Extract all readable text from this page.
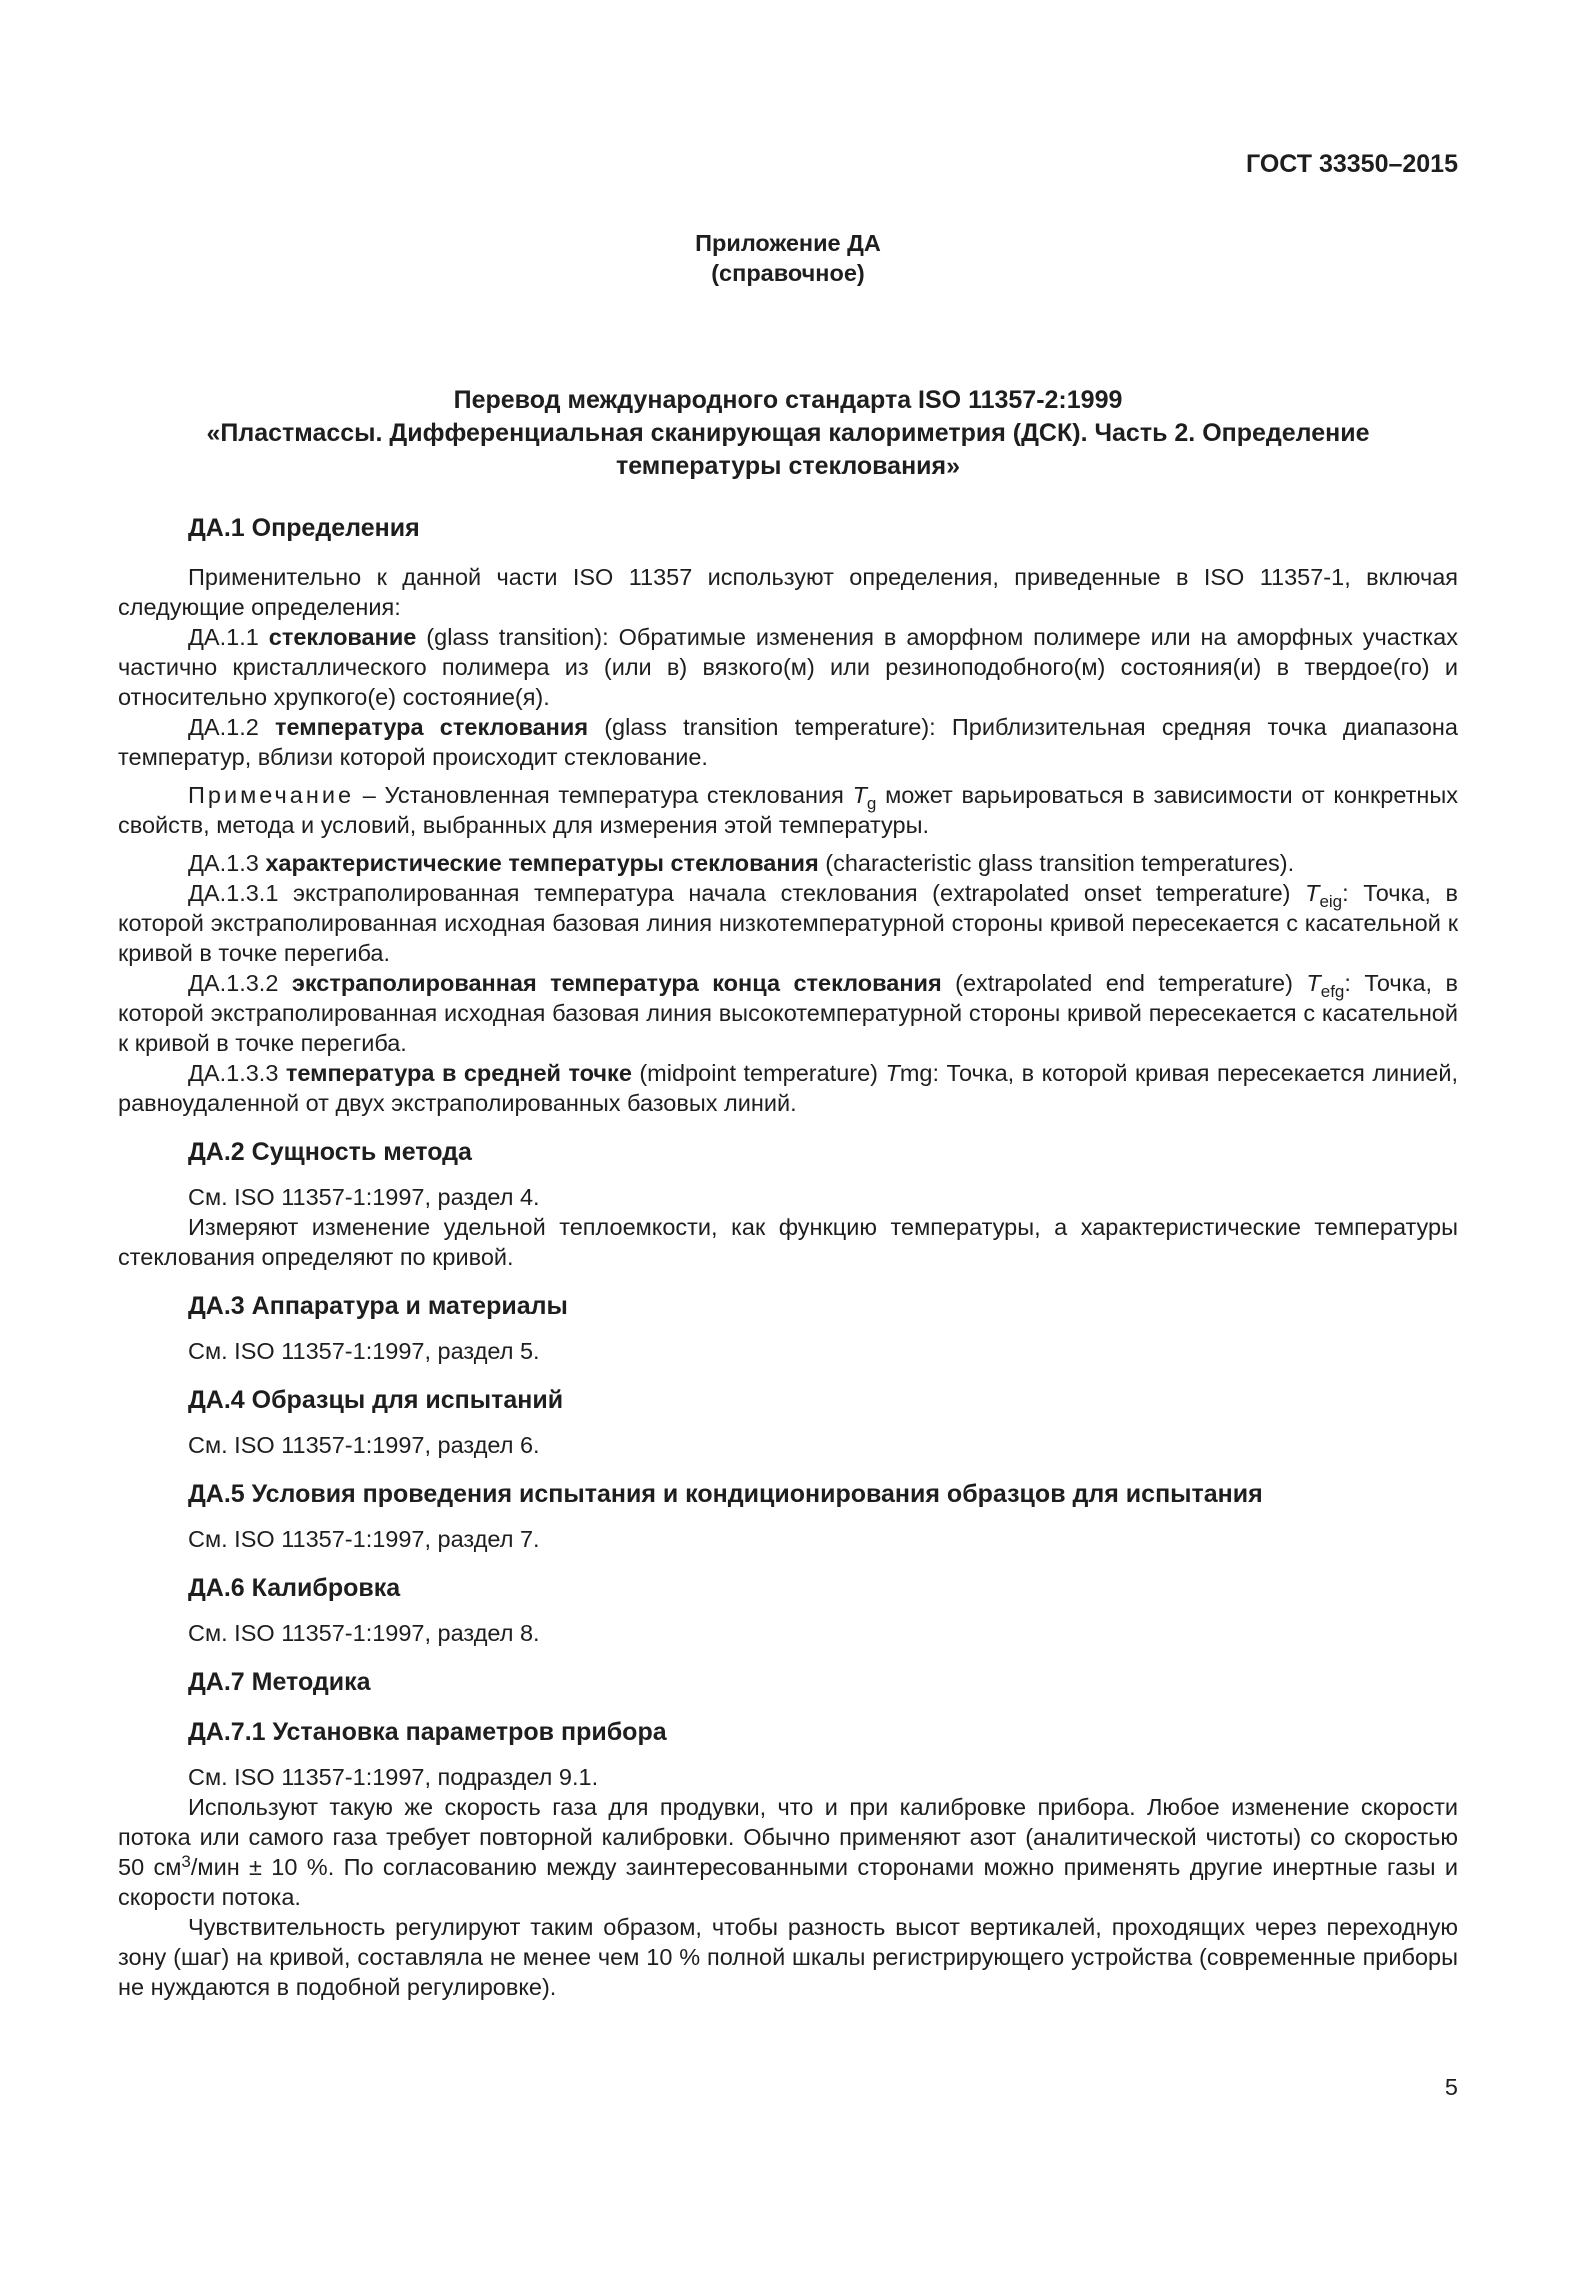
ГОСТ 33350–2015
Приложение ДА
(справочное)
Перевод международного стандарта ISO 11357-2:1999
«Пластмассы. Дифференциальная сканирующая калориметрия (ДСК). Часть 2. Определение
температуры стеклования»
ДА.1 Определения

Применительно к данной части ISO 11357 используют определения, приведенные в ISO 11357-1, включая следующие определения:

ДА.1.1 стеклование (glass transition): Обратимые изменения в аморфном полимере или на аморфных участках частично кристаллического полимера из (или в) вязкого(м) или резиноподобного(м) состояния(и) в твердое(го) и относительно хрупкого(е) состояние(я).

ДА.1.2 температура стеклования (glass transition temperature): Приблизительная средняя точка диапазона температур, вблизи которой происходит стеклование.

Примечание – Установленная температура стеклования $T_g$ может варьироваться в зависимости от конкретных свойств, метода и условий, выбранных для измерения этой температуры.

ДА.1.3 характеристические температуры стеклования (characteristic glass transition temperatures).

ДА.1.3.1 экстраполированная температура начала стеклования (extrapolated onset temperature) $T_{eig}$: Точка, в которой экстраполированная исходная базовая линия низкотемпературной стороны кривой пересекается с касательной к кривой в точке перегиба.

ДА.1.3.2 экстраполированная температура конца стеклования (extrapolated end temperature) $T_{efg}$: Точка, в которой экстраполированная исходная базовая линия высокотемпературной стороны кривой пересекается с касательной к кривой в точке перегиба.

ДА.1.3.3 температура в средней точке (midpoint temperature) Tmg: Точка, в которой кривая пересекается линией, равноудаленной от двух экстраполированных базовых линий.

ДА.2 Сущность метода

См. ISO 11357-1:1997, раздел 4.

Измеряют изменение удельной теплоемкости, как функцию температуры, а характеристические температуры стеклования определяют по кривой.

ДА.3 Аппаратура и материалы

См. ISO 11357-1:1997, раздел 5.

ДА.4 Образцы для испытаний

См. ISO 11357-1:1997, раздел 6.

ДА.5 Условия проведения испытания и кондиционирования образцов для испытания

См. ISO 11357-1:1997, раздел 7.

ДА.6 Калибровка

См. ISO 11357-1:1997, раздел 8.

ДА.7 Методика
ДА.7.1 Установка параметров прибора

См. ISO 11357-1:1997, подраздел 9.1.

Используют такую же скорость газа для продувки, что и при калибровке прибора. Любое изменение скорости потока или самого газа требует повторной калибровки. Обычно применяют азот (аналитической чистоты) со скоростью 50 $см^3$/мин ± 10 %. По согласованию между заинтересованными сторонами можно применять другие инертные газы и скорости потока.

Чувствительность регулируют таким образом, чтобы разность высот вертикалей, проходящих через переходную зону (шаг) на кривой, составляла не менее чем 10 % полной шкалы регистрирующего устройства (современные приборы не нуждаются в подобной регулировке).

5
